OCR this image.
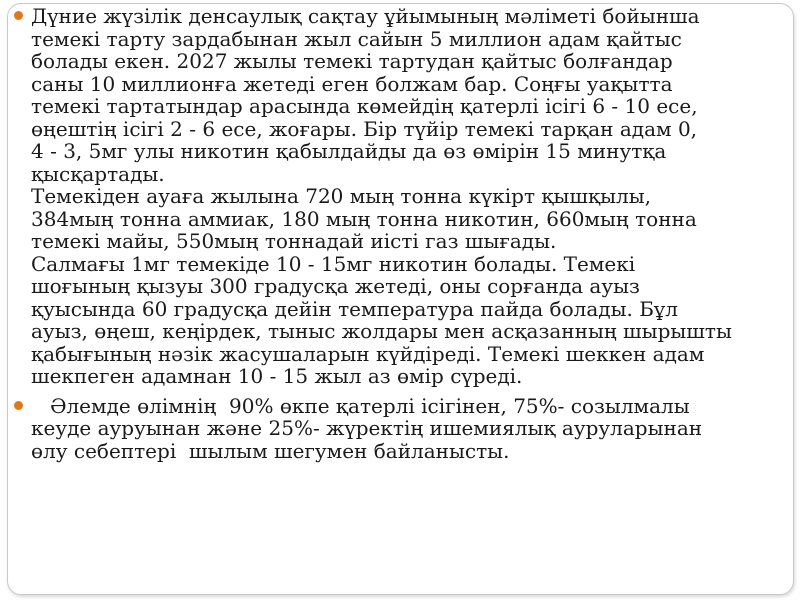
Дүние жүзілік денсаулық сақтау ұйымының мәліметі бойынша
темекі тарту зардабынан жыл сайын 5 миллион адам қайтыс
болады екен. 2027 жылы темекі тартудан қайтыс болғандар
саны 10 миллионға жетеді еген болжам бар. Соңғы уақытта
темекі тартатындар арасында көмейдің қатерлі ісігі 6 - 10 есе,
өңештің ісігі 2 - 6 есе, жоғары. Бір түйір темекі тарқан адам 0,
4 - 3, 5мг улы никотин қабылдайды да өз өмірін 15 минутқа
қысқартады.
Темекіден ауаға жылына 720 мың тонна күкірт қышқылы,
384мың тонна аммиак, 180 мың тонна никотин, 660мың тонна
темекі майы, 550мың тоннадай иісті газ шығады.
Салмағы 1мг темекіде 10 - 15мг никотин болады. Темекі
шоғының қызуы 300 градусқа жетеді, оны сорғанда ауыз
қуысында 60 градусқа дейін температура пайда болады. Бұл
ауыз, өңеш, кеңірдек, тыныс жолдары мен асқазанның шырышты
қабығының нәзік жасушаларын күйдіреді. Темекі шеккен адам
шекпеген адамнан 10 - 15 жыл аз өмір сүреді.
Әлемде өлімнің  90% өкпе қатерлі ісігінен, 75%- созылмалы
кеуде ауруынан және 25%- жүректің ишемиялық ауруларынан
өлу себептері  шылым шегумен байланысты.
